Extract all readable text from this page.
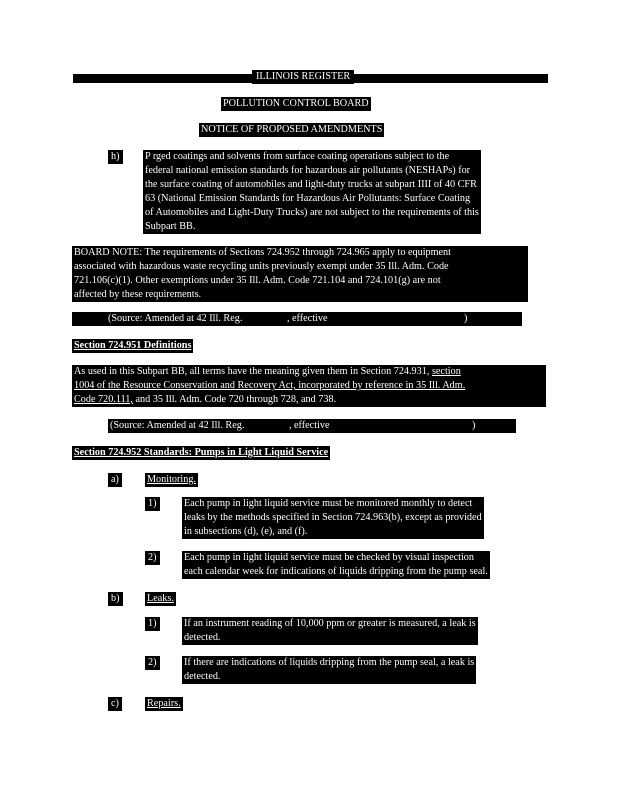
ILLINOIS REGISTER
POLLUTION CONTROL BOARD
NOTICE OF PROPOSED AMENDMENTS
h)	P rged coatings and solvents from surface coating operations subject to the
federal national emission standards for hazardous air pollutants (NESHAPs) for
the surface coating of automobiles and light-duty trucks at subpart IIII of 40 CFR
63 (National Emission Standards for Hazardous Air Pollutants: Surface Coating
of Automobiles and Light-Duty Trucks) are not subject to the requirements of this
Subpart BB.
BOARD NOTE: The requirements of Sections 724.952 through 724.965 apply to equipment
associated with hazardous waste recycling units previously exempt under 35 Ill. Adm. Code
721.106(c)(1). Other exemptions under 35 Ill. Adm. Code 721.104 and 724.101(g) are not
affected by these requirements.
(Source: Amended at 42 Ill. Reg.	, effective	)
Section 724.951 Definitions
As used in this Subpart BB, all terms have the meaning given them in Section 724.931, section
1004 of the Resource Conservation and Recovery Act, incorporated by reference in 35 Ill. Adm.
Code 720.111, and 35 Ill. Adm. Code 720 through 728, and 738.
(Source: Amended at 42 Ill. Reg.	, effective	)
Section 724.952 Standards: Pumps in Light Liquid Service
a)	Monitoring.
1)	Each pump in light liquid service must be monitored monthly to detect
leaks by the methods specified in Section 724.963(b), except as provided
in subsections (d), (e), and (f).
2)	Each pump in light liquid service must be checked by visual inspection
each calendar week for indications of liquids dripping from the pump seal.
b)	Leaks.
1)	If an instrument reading of 10,000 ppm or greater is measured, a leak is
detected.
2)	If there are indications of liquids dripping from the pump seal, a leak is
detected.
c)	Repairs.
